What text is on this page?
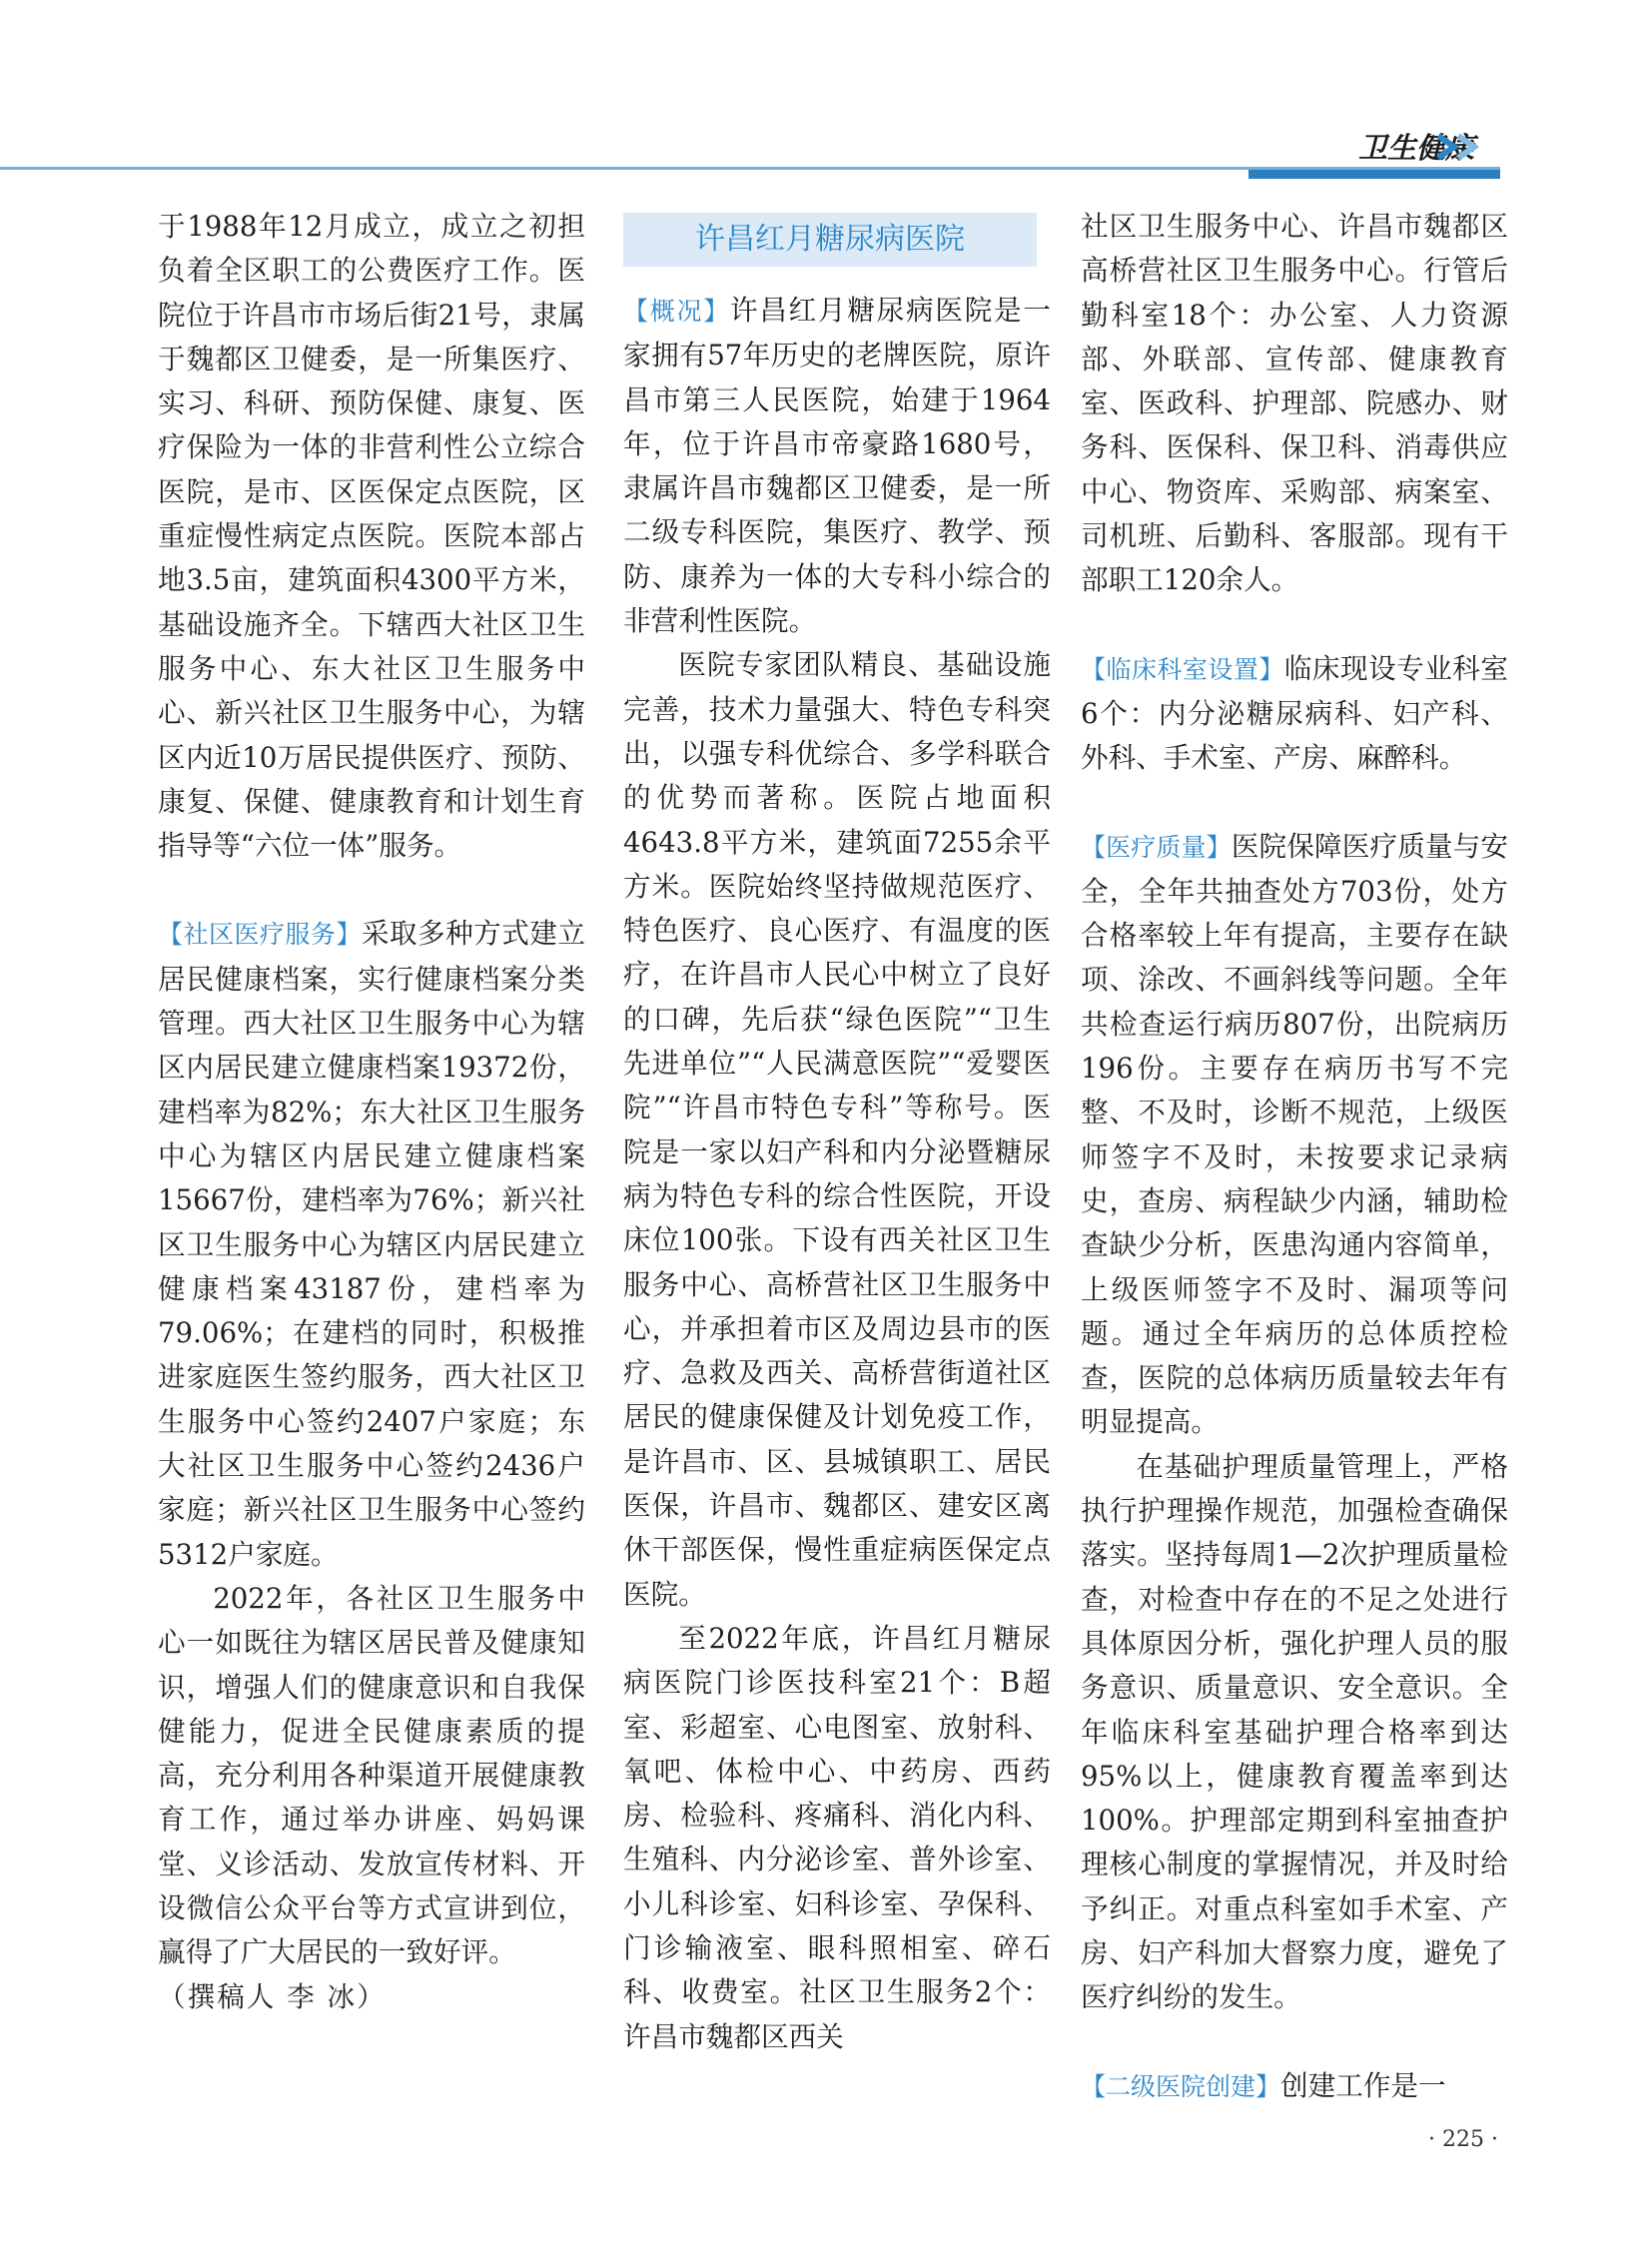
卫生健康

于1988年12月成立，成立之初担负着全区职工的公费医疗工作。医院位于许昌市市场后街21号，隶属于魏都区卫健委，是一所集医疗、实习、科研、预防保健、康复、医疗保险为一体的非营利性公立综合医院，是市、区医保定点医院，区重症慢性病定点医院。医院本部占地3.5亩，建筑面积4300平方米，基础设施齐全。下辖西大社区卫生服务中心、东大社区卫生服务中心、新兴社区卫生服务中心，为辖区内近10万居民提供医疗、预防、康复、保健、健康教育和计划生育指导等“六位一体”服务。

【社区医疗服务】采取多种方式建立居民健康档案，实行健康档案分类管理。西大社区卫生服务中心为辖区内居民建立健康档案19372份，建档率为82%；东大社区卫生服务中心为辖区内居民建立健康档案15667份，建档率为76%；新兴社区卫生服务中心为辖区内居民建立健康档案43187份，建档率为79.06%；在建档的同时，积极推进家庭医生签约服务，西大社区卫生服务中心签约2407户家庭；东大社区卫生服务中心签约2436户家庭；新兴社区卫生服务中心签约5312户家庭。

2022年，各社区卫生服务中心一如既往为辖区居民普及健康知识，增强人们的健康意识和自我保健能力，促进全民健康素质的提高，充分利用各种渠道开展健康教育工作，通过举办讲座、妈妈课堂、义诊活动、发放宣传材料、开设微信公众平台等方式宣讲到位，赢得了广大居民的一致好评。

（撰稿人 李 冰）

许昌红月糖尿病医院

【概况】许昌红月糖尿病医院是一家拥有57年历史的老牌医院，原许昌市第三人民医院，始建于1964年，位于许昌市帝豪路1680号，隶属许昌市魏都区卫健委，是一所二级专科医院，集医疗、教学、预防、康养为一体的大专科小综合的非营利性医院。

医院专家团队精良、基础设施完善，技术力量强大、特色专科突出，以强专科优综合、多学科联合的优势而著称。医院占地面积4643.8平方米，建筑面7255余平方米。医院始终坚持做规范医疗、特色医疗、良心医疗、有温度的医疗，在许昌市人民心中树立了良好的口碑，先后获“绿色医院”“卫生先进单位”“人民满意医院”“爱婴医院”“许昌市特色专科”等称号。医院是一家以妇产科和内分泌暨糖尿病为特色专科的综合性医院，开设床位100张。下设有西关社区卫生服务中心、高桥营社区卫生服务中心，并承担着市区及周边县市的医疗、急救及西关、高桥营街道社区居民的健康保健及计划免疫工作，是许昌市、区、县城镇职工、居民医保，许昌市、魏都区、建安区离休干部医保，慢性重症病医保定点医院。

至2022年底，许昌红月糖尿病医院门诊医技科室21个：B超室、彩超室、心电图室、放射科、氧吧、体检中心、中药房、西药房、检验科、疼痛科、消化内科、生殖科、内分泌诊室、普外诊室、小儿科诊室、妇科诊室、孕保科、门诊输液室、眼科照相室、碎石科、收费室。社区卫生服务2个：许昌市魏都区西关

社区卫生服务中心、许昌市魏都区高桥营社区卫生服务中心。行管后勤科室18个：办公室、人力资源部、外联部、宣传部、健康教育室、医政科、护理部、院感办、财务科、医保科、保卫科、消毒供应中心、物资库、采购部、病案室、司机班、后勤科、客服部。现有干部职工120余人。

【临床科室设置】临床现设专业科室6个：内分泌糖尿病科、妇产科、外科、手术室、产房、麻醉科。

【医疗质量】医院保障医疗质量与安全，全年共抽查处方703份，处方合格率较上年有提高，主要存在缺项、涂改、不画斜线等问题。全年共检查运行病历807份，出院病历196份。主要存在病历书写不完整、不及时，诊断不规范，上级医师签字不及时，未按要求记录病史，查房、病程缺少内涵，辅助检查缺少分析，医患沟通内容简单，上级医师签字不及时、漏项等问题。通过全年病历的总体质控检查，医院的总体病历质量较去年有明显提高。

在基础护理质量管理上，严格执行护理操作规范，加强检查确保落实。坚持每周1—2次护理质量检查，对检查中存在的不足之处进行具体原因分析，强化护理人员的服务意识、质量意识、安全意识。全年临床科室基础护理合格率到达95%以上，健康教育覆盖率到达100%。护理部定期到科室抽查护理核心制度的掌握情况，并及时给予纠正。对重点科室如手术室、产房、妇产科加大督察力度，避免了医疗纠纷的发生。

【二级医院创建】创建工作是一

· 225 ·
